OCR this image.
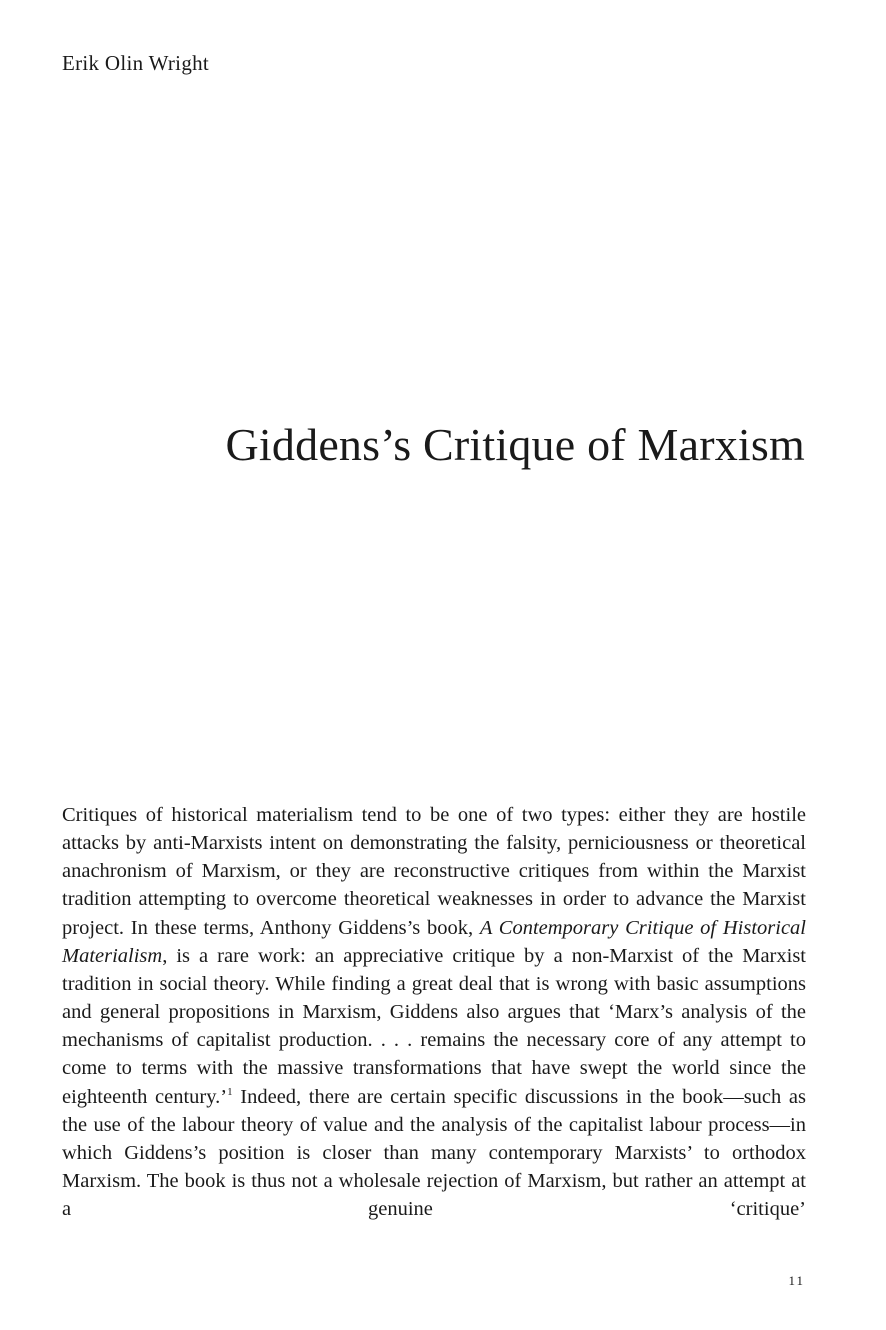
Erik Olin Wright

Giddens’s Critique of Marxism

Critiques of historical materialism tend to be one of two types: either they are hostile attacks by anti-Marxists intent on demonstrating the falsity, perniciousness or theoretical anachronism of Marxism, or they are reconstructive critiques from within the Marxist tradition attempting to overcome theoretical weaknesses in order to advance the Marxist project. In these terms, Anthony Giddens’s book, A Contemporary Critique of Historical Materialism, is a rare work: an appreciative critique by a non-Marxist of the Marxist tradition in social theory. While finding a great deal that is wrong with basic assumptions and general propositions in Marxism, Giddens also argues that ‘Marx’s analysis of the mechanisms of capitalist production. . . . remains the necessary core of any attempt to come to terms with the massive transformations that have swept the world since the eighteenth century.’$^1$ Indeed, there are certain specific discussions in the book—such as the use of the labour theory of value and the analysis of the capitalist labour process—in which Giddens’s position is closer than many contemporary Marxists’ to orthodox Marxism. The book is thus not a wholesale rejection of Marxism, but rather an attempt at a genuine ‘critique’

11
